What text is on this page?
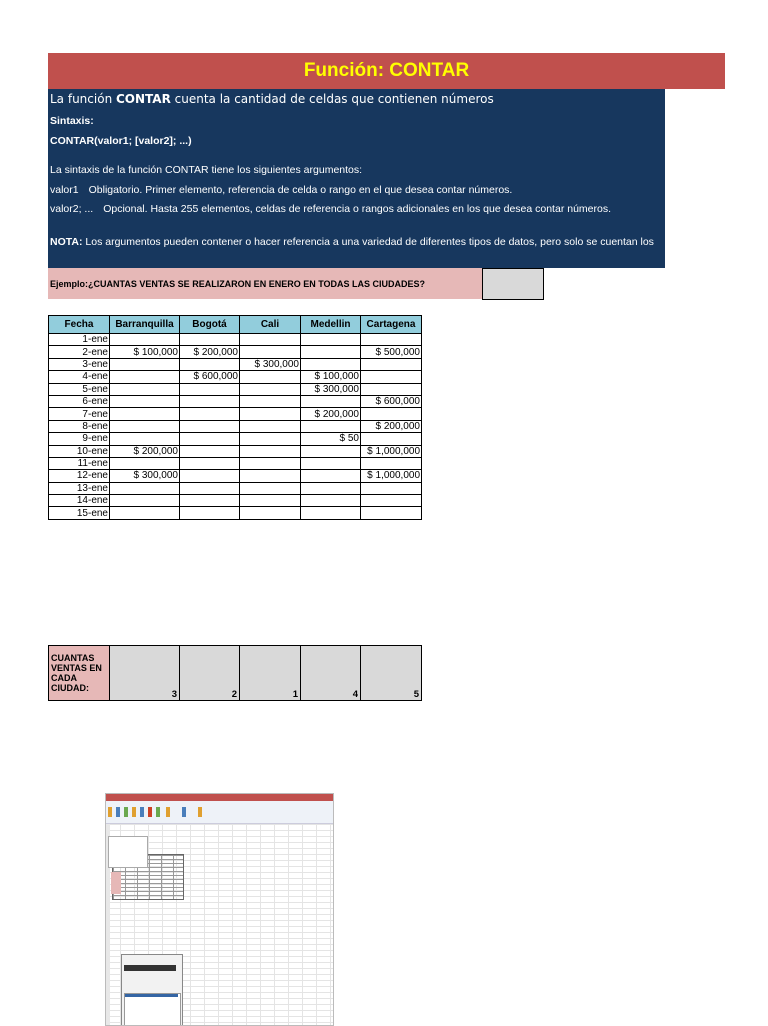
Función: CONTAR
La función CONTAR cuenta la cantidad de celdas que contienen números
Sintaxis:
CONTAR(valor1; [valor2]; ...)
La sintaxis de la función CONTAR tiene los siguientes argumentos:
valor1 Obligatorio. Primer elemento, referencia de celda o rango en el que desea contar números.
valor2; ... Opcional. Hasta 255 elementos, celdas de referencia o rangos adicionales en los que desea contar números.
NOTA: Los argumentos pueden contener o hacer referencia a una variedad de diferentes tipos de datos, pero solo se cuentan los
Ejemplo: ¿CUANTAS VENTAS SE REALIZARON EN ENERO EN TODAS LAS CIUDADES?
Fecha	Barranquilla	Bogotá	Cali	Medellin	Cartagena
1-ene					
2-ene	$ 100,000	$ 200,000			$ 500,000
3-ene			$ 300,000		
4-ene		$ 600,000		$ 100,000	
5-ene				$ 300,000	
6-ene					$ 600,000
7-ene				$ 200,000	
8-ene					$ 200,000
9-ene				$ 50	
10-ene	$ 200,000				$ 1,000,000
11-ene					
12-ene	$ 300,000				$ 1,000,000
13-ene					
14-ene					
15-ene					
CUANTAS VENTAS EN CADA CIUDAD:	3	2	1	4	5
